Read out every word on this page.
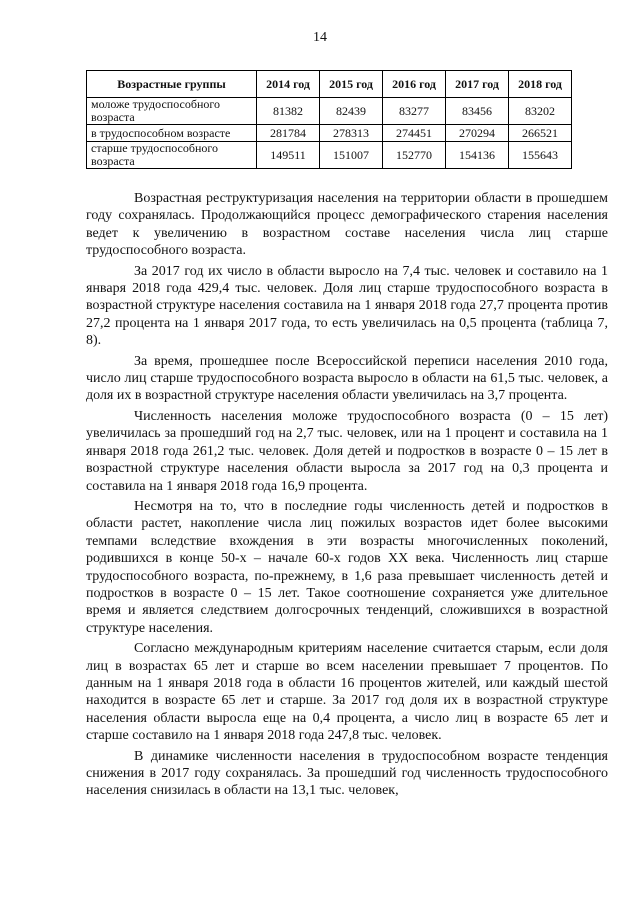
14
Возрастные группы	2014 год	2015 год	2016 год	2017 год	2018 год
моложе трудоспособного возраста	81382	82439	83277	83456	83202
в трудоспособном возрасте	281784	278313	274451	270294	266521
старше трудоспособного возраста	149511	151007	152770	154136	155643

Возрастная реструктуризация населения на территории области в прошедшем году сохранялась. Продолжающийся процесс демографического старения населения ведет к увеличению в возрастном составе населения числа лиц старше трудоспособного возраста.

За 2017 год их число в области выросло на 7,4 тыс. человек и составило на 1 января 2018 года 429,4 тыс. человек. Доля лиц старше трудоспособного возраста в возрастной структуре населения составила на 1 января 2018 года 27,7 процента против 27,2 процента на 1 января 2017 года, то есть увеличилась на 0,5 процента (таблица 7, 8).

За время, прошедшее после Всероссийской переписи населения 2010 года, число лиц старше трудоспособного возраста выросло в области на 61,5 тыс. человек, а доля их в возрастной структуре населения области увеличилась на 3,7 процента.

Численность населения моложе трудоспособного возраста (0 – 15 лет) увеличилась за прошедший год на 2,7 тыс. человек, или на 1 процент и составила на 1 января 2018 года 261,2 тыс. человек. Доля детей и подростков в возрасте 0 – 15 лет в возрастной структуре населения области выросла за 2017 год на 0,3 процента и составила на 1 января 2018 года 16,9 процента.

Несмотря на то, что в последние годы численность детей и подростков в области растет, накопление числа лиц пожилых возрастов идет более высокими темпами вследствие вхождения в эти возрасты многочисленных поколений, родившихся в конце 50-х – начале 60-х годов XX века. Численность лиц старше трудоспособного возраста, по-прежнему, в 1,6 раза превышает численность детей и подростков в возрасте 0 – 15 лет. Такое соотношение сохраняется уже длительное время и является следствием долгосрочных тенденций, сложившихся в возрастной структуре населения.

Согласно международным критериям население считается старым, если доля лиц в возрастах 65 лет и старше во всем населении превышает 7 процентов. По данным на 1 января 2018 года в области 16 процентов жителей, или каждый шестой находится в возрасте 65 лет и старше. За 2017 год доля их в возрастной структуре населения области выросла еще на 0,4 процента, а число лиц в возрасте 65 лет и старше составило на 1 января 2018 года 247,8 тыс. человек.

В динамике численности населения в трудоспособном возрасте тенденция снижения в 2017 году сохранялась. За прошедший год численность трудоспособного населения снизилась в области на 13,1 тыс. человек,
